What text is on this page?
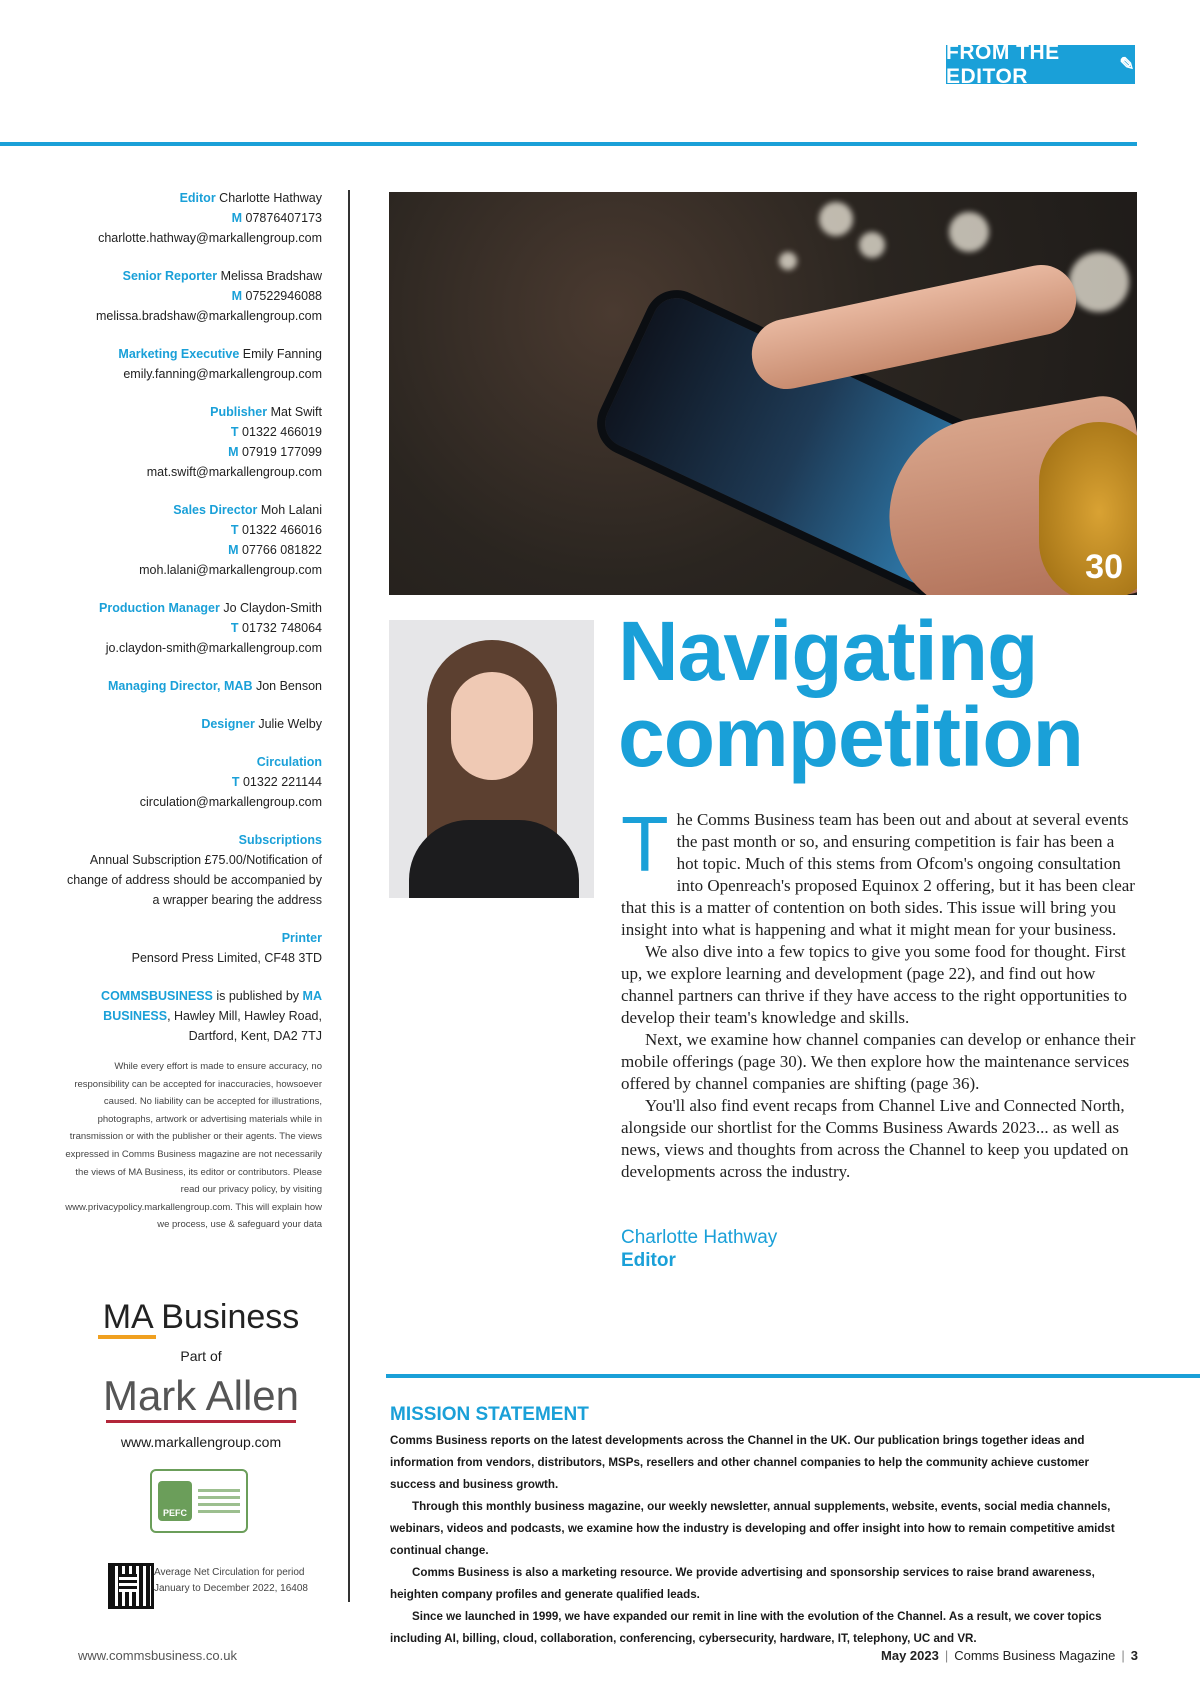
FROM THE EDITOR
✎
Editor Charlotte Hathway
M 07876407173
charlotte.hathway@markallengroup.com
Senior Reporter Melissa Bradshaw
M 07522946088
melissa.bradshaw@markallengroup.com
Marketing Executive Emily Fanning
emily.fanning@markallengroup.com
Publisher Mat Swift
T 01322 466019
M 07919 177099
mat.swift@markallengroup.com
Sales Director Moh Lalani
T 01322 466016
M 07766 081822
moh.lalani@markallengroup.com
Production Manager Jo Claydon-Smith
T 01732 748064
jo.claydon-smith@markallengroup.com
Managing Director, MAB Jon Benson
Designer Julie Welby
Circulation
T 01322 221144
circulation@markallengroup.com
Subscriptions
Annual Subscription £75.00/Notification of change of address should be accompanied by a wrapper bearing the address
Printer
Pensord Press Limited, CF48 3TD
COMMSBUSINESS is published by MA BUSINESS, Hawley Mill, Hawley Road, Dartford, Kent, DA2 7TJ
While every effort is made to ensure accuracy, no responsibility can be accepted for inaccuracies, howsoever caused. No liability can be accepted for illustrations, photographs, artwork or advertising materials while in transmission or with the publisher or their agents. The views expressed in Comms Business magazine are not necessarily the views of MA Business, its editor or contributors. Please read our privacy policy, by visiting www.privacypolicy.markallengroup.com. This will explain how we process, use & safeguard your data
MA Business
Part of
Mark Allen
www.markallengroup.com
PEFC
Average Net Circulation for period January to December 2022, 16408
30
Navigating competition

The Comms Business team has been out and about at several events the past month or so, and ensuring competition is fair has been a hot topic. Much of this stems from Ofcom's ongoing consultation into Openreach's proposed Equinox 2 offering, but it has been clear that this is a matter of contention on both sides. This issue will bring you insight into what is happening and what it might mean for your business.

We also dive into a few topics to give you some food for thought. First up, we explore learning and development (page 22), and find out how channel partners can thrive if they have access to the right opportunities to develop their team's knowledge and skills.

Next, we examine how channel companies can develop or enhance their mobile offerings (page 30). We then explore how the maintenance services offered by channel companies are shifting (page 36).

You'll also find event recaps from Channel Live and Connected North, alongside our shortlist for the Comms Business Awards 2023... as well as news, views and thoughts from across the Channel to keep you updated on developments across the industry.

Charlotte Hathway
Editor
MISSION STATEMENT

Comms Business reports on the latest developments across the Channel in the UK. Our publication brings together ideas and information from vendors, distributors, MSPs, resellers and other channel companies to help the community achieve customer success and business growth.

Through this monthly business magazine, our weekly newsletter, annual supplements, website, events, social media channels, webinars, videos and podcasts, we examine how the industry is developing and offer insight into how to remain competitive amidst continual change.

Comms Business is also a marketing resource. We provide advertising and sponsorship services to raise brand awareness, heighten company profiles and generate qualified leads.

Since we launched in 1999, we have expanded our remit in line with the evolution of the Channel. As a result, we cover topics including AI, billing, cloud, collaboration, conferencing, cybersecurity, hardware, IT, telephony, UC and VR.

www.commsbusiness.co.uk	May 2023 | Comms Business Magazine | 3
